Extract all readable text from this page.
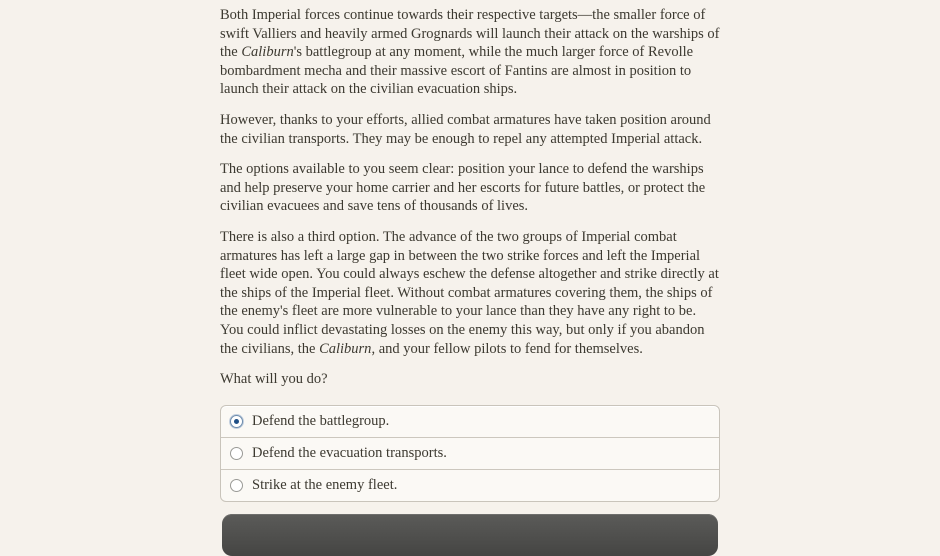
Both Imperial forces continue towards their respective targets—the smaller force of swift Valliers and heavily armed Grognards will launch their attack on the warships of the Caliburn's battlegroup at any moment, while the much larger force of Revolle bombardment mecha and their massive escort of Fantins are almost in position to launch their attack on the civilian evacuation ships.

However, thanks to your efforts, allied combat armatures have taken position around the civilian transports. They may be enough to repel any attempted Imperial attack.

The options available to you seem clear: position your lance to defend the warships and help preserve your home carrier and her escorts for future battles, or protect the civilian evacuees and save tens of thousands of lives.

There is also a third option. The advance of the two groups of Imperial combat armatures has left a large gap in between the two strike forces and left the Imperial fleet wide open. You could always eschew the defense altogether and strike directly at the ships of the Imperial fleet. Without combat armatures covering them, the ships of the enemy's fleet are more vulnerable to your lance than they have any right to be. You could inflict devastating losses on the enemy this way, but only if you abandon the civilians, the Caliburn, and your fellow pilots to fend for themselves.

What will you do?

Defend the battlegroup.
Defend the evacuation transports.
Strike at the enemy fleet.
